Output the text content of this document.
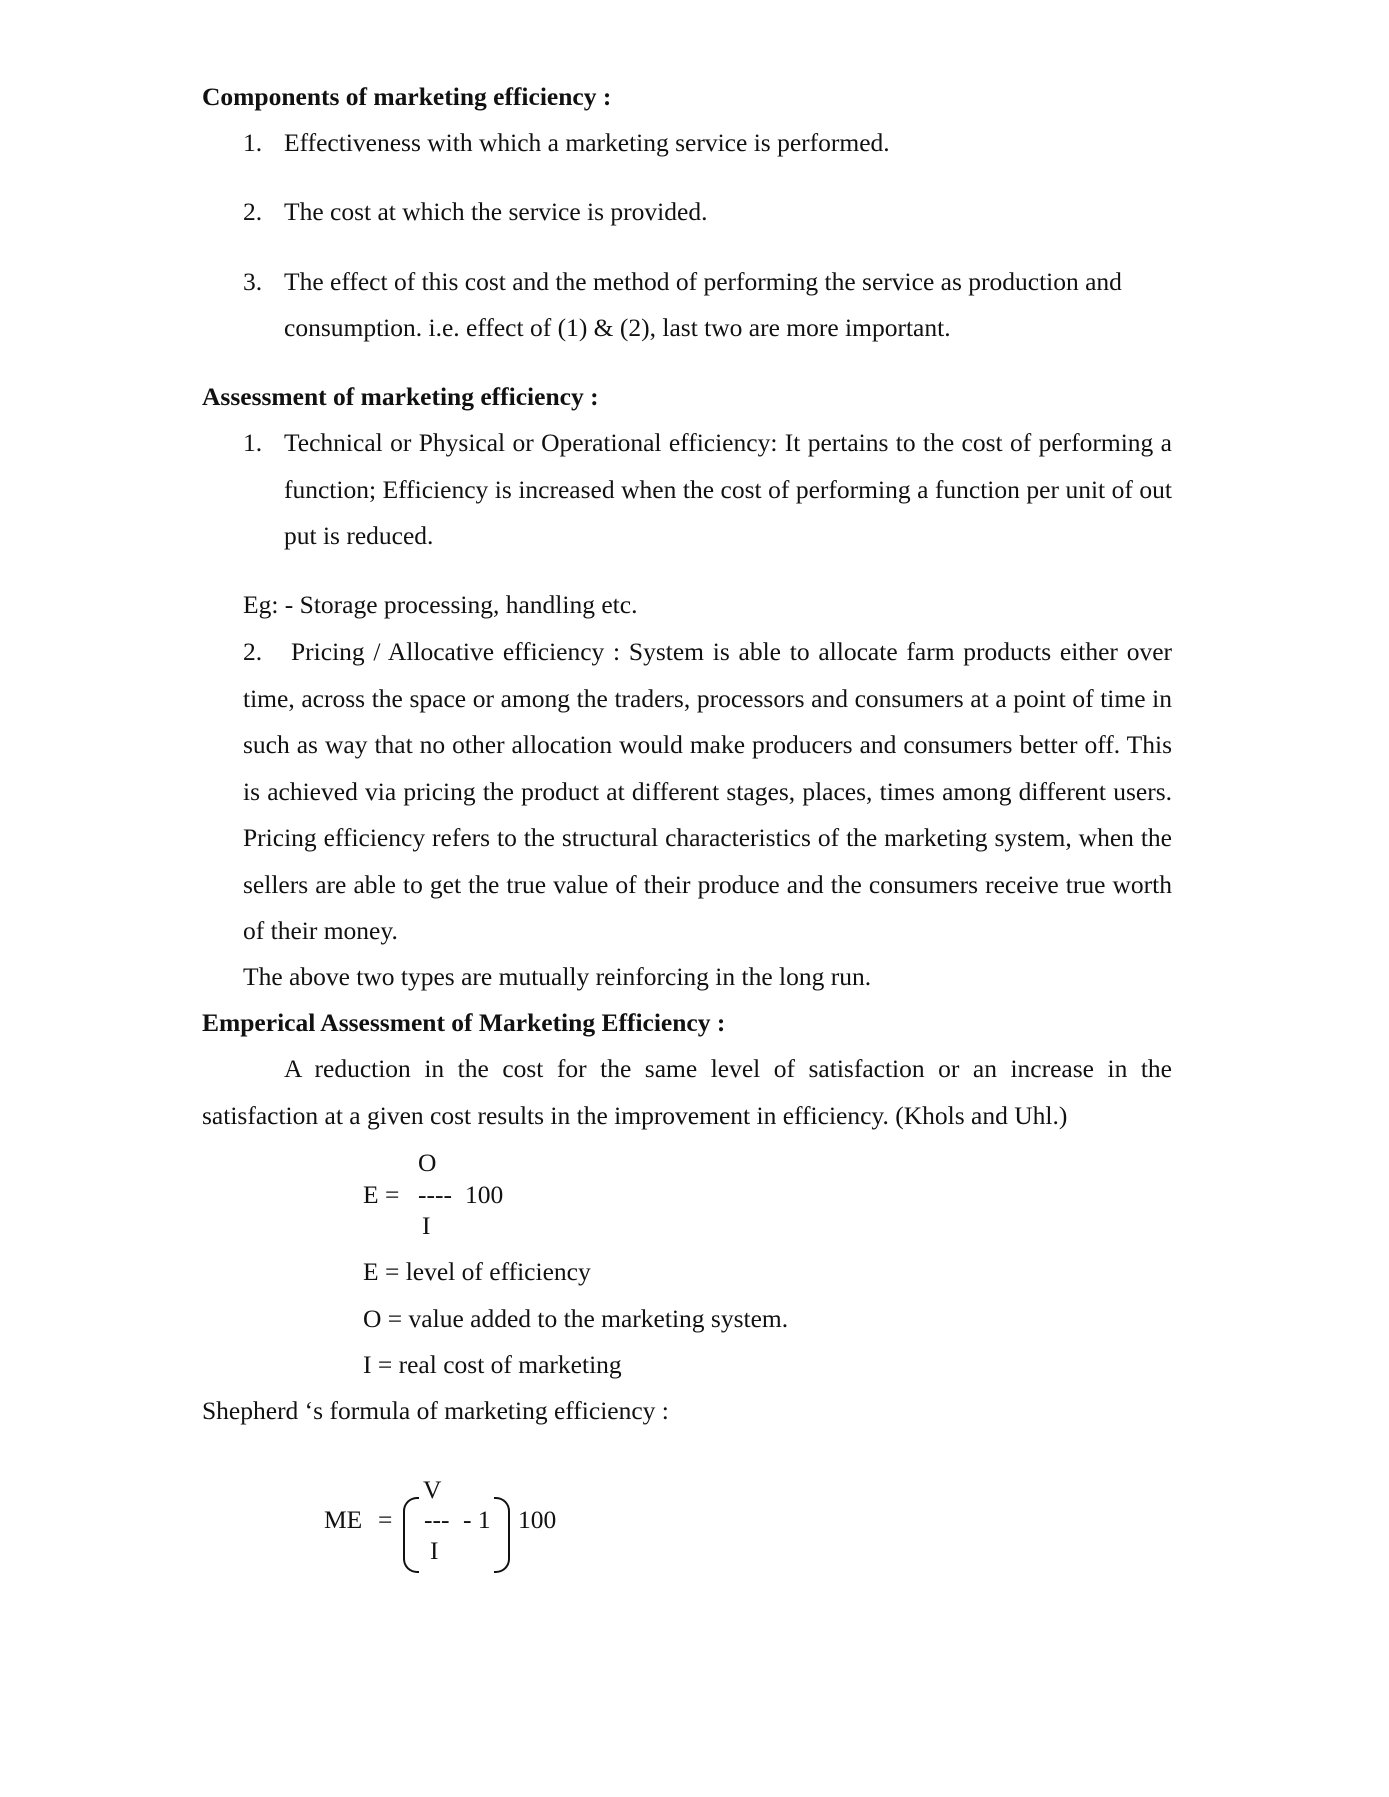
Components of marketing efficiency :
1. Effectiveness with which a marketing service is performed.
2. The cost at which the service is provided.
3. The effect of this cost and the method of performing the service as production and
consumption. i.e. effect of (1) & (2), last two are more important.
Assessment of marketing efficiency :
1. Technical or Physical or Operational efficiency: It pertains to the cost of performing a function; Efficiency is increased when the cost of performing a function per unit of out put is reduced.
Eg: - Storage processing, handling etc.
2. Pricing / Allocative efficiency : System is able to allocate farm products either over time, across the space or among the traders, processors and consumers at a point of time in such as way that no other allocation would make producers and consumers better off. This is achieved via pricing the product at different stages, places, times among different users. Pricing efficiency refers to the structural characteristics of the marketing system, when the sellers are able to get the true value of their produce and the consumers receive true worth of their money.
The above two types are mutually reinforcing in the long run.
Emperical Assessment of Marketing Efficiency :
A reduction in the cost for the same level of satisfaction or an increase in the satisfaction at a given cost results in the improvement in efficiency. (Khols and Uhl.)
O
E = ---- 100
I
E = level of efficiency
O = value added to the marketing system.
I = real cost of marketing
Shepherd ‘s formula of marketing efficiency :
ME =
V
--- - 1
I
100
